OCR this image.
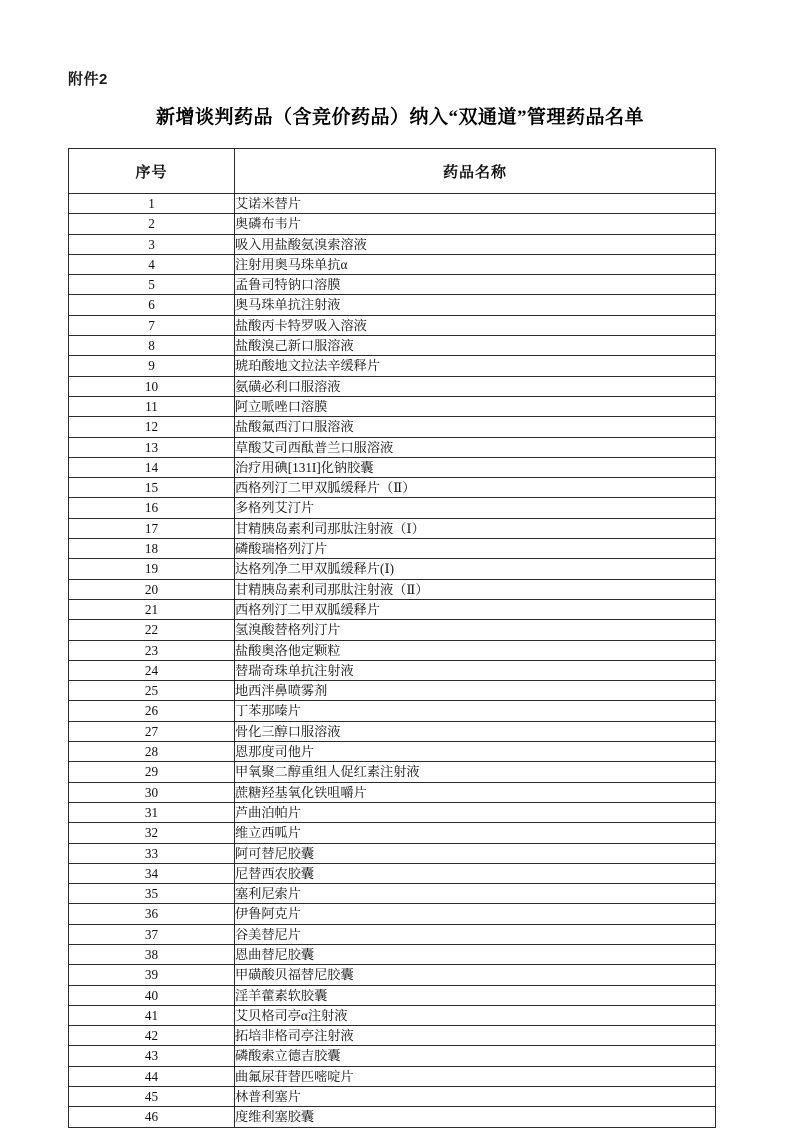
附件2
新增谈判药品（含竞价药品）纳入“双通道”管理药品名单
序号	药品名称
1	艾诺米替片
2	奥磷布韦片
3	吸入用盐酸氨溴索溶液
4	注射用奥马珠单抗α
5	孟鲁司特钠口溶膜
6	奥马珠单抗注射液
7	盐酸丙卡特罗吸入溶液
8	盐酸溴己新口服溶液
9	琥珀酸地文拉法辛缓释片
10	氨磺必利口服溶液
11	阿立哌唑口溶膜
12	盐酸氟西汀口服溶液
13	草酸艾司西酞普兰口服溶液
14	治疗用碘[131I]化钠胶囊
15	西格列汀二甲双胍缓释片（Ⅱ）
16	多格列艾汀片
17	甘精胰岛素利司那肽注射液（Ⅰ）
18	磷酸瑞格列汀片
19	达格列净二甲双胍缓释片(Ⅰ)
20	甘精胰岛素利司那肽注射液（Ⅱ）
21	西格列汀二甲双胍缓释片
22	氢溴酸替格列汀片
23	盐酸奥洛他定颗粒
24	替瑞奇珠单抗注射液
25	地西泮鼻喷雾剂
26	丁苯那嗪片
27	骨化三醇口服溶液
28	恩那度司他片
29	甲氧聚二醇重组人促红素注射液
30	蔗糖羟基氧化铁咀嚼片
31	芦曲泊帕片
32	维立西呱片
33	阿可替尼胶囊
34	尼替西农胶囊
35	塞利尼索片
36	伊鲁阿克片
37	谷美替尼片
38	恩曲替尼胶囊
39	甲磺酸贝福替尼胶囊
40	淫羊藿素软胶囊
41	艾贝格司亭α注射液
42	拓培非格司亭注射液
43	磷酸索立德吉胶囊
44	曲氟尿苷替匹嘧啶片
45	林普利塞片
46	度维利塞胶囊
